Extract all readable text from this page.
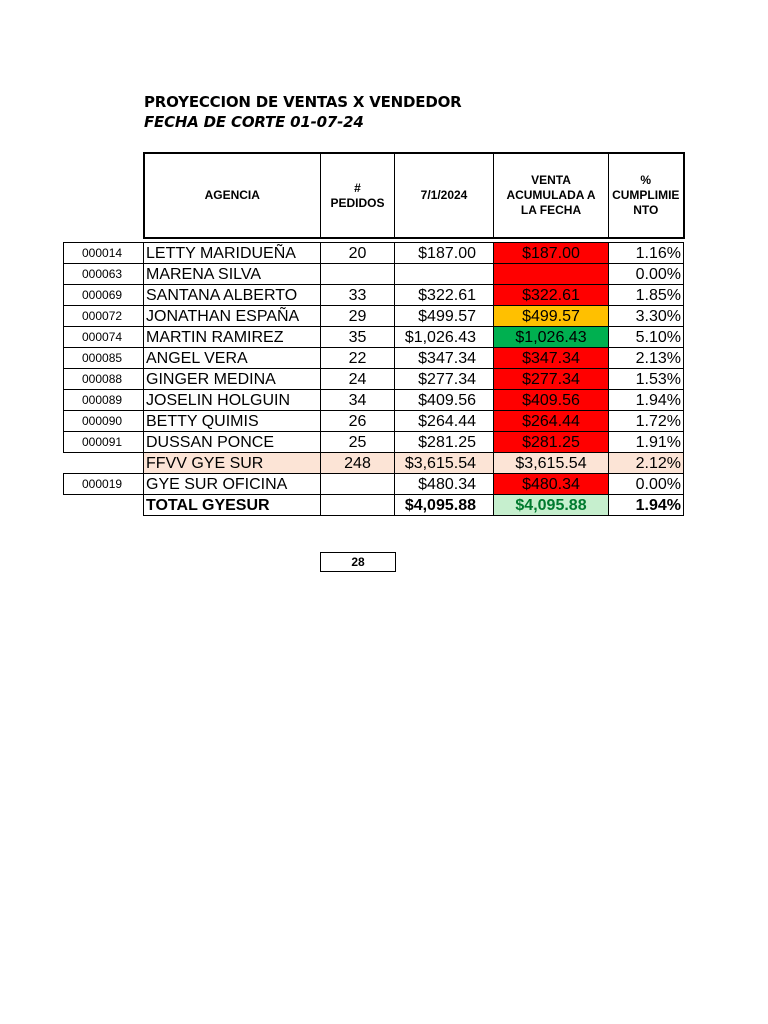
PROYECCION DE VENTAS X VENDEDOR
FECHA DE CORTE 01-07-24
	AGENCIA	#
PEDIDOS	7/1/2024	VENTA
ACUMULADA A
LA FECHA	%
CUMPLIMIE
NTO

000014	LETTY MARIDUEÑA	20	$187.00	$187.00	1.16%
000063	MARENA SILVA				0.00%
000069	SANTANA ALBERTO	33	$322.61	$322.61	1.85%
000072	JONATHAN ESPAÑA	29	$499.57	$499.57	3.30%
000074	MARTIN RAMIREZ	35	$1,026.43	$1,026.43	5.10%
000085	ANGEL VERA	22	$347.34	$347.34	2.13%
000088	GINGER MEDINA	24	$277.34	$277.34	1.53%
000089	JOSELIN HOLGUIN	34	$409.56	$409.56	1.94%
000090	BETTY QUIMIS	26	$264.44	$264.44	1.72%
000091	DUSSAN PONCE	25	$281.25	$281.25	1.91%
	FFVV GYE SUR	248	$3,615.54	$3,615.54	2.12%
000019	GYE SUR OFICINA		$480.34	$480.34	0.00%
	TOTAL GYESUR		$4,095.88	$4,095.88	1.94%
28
